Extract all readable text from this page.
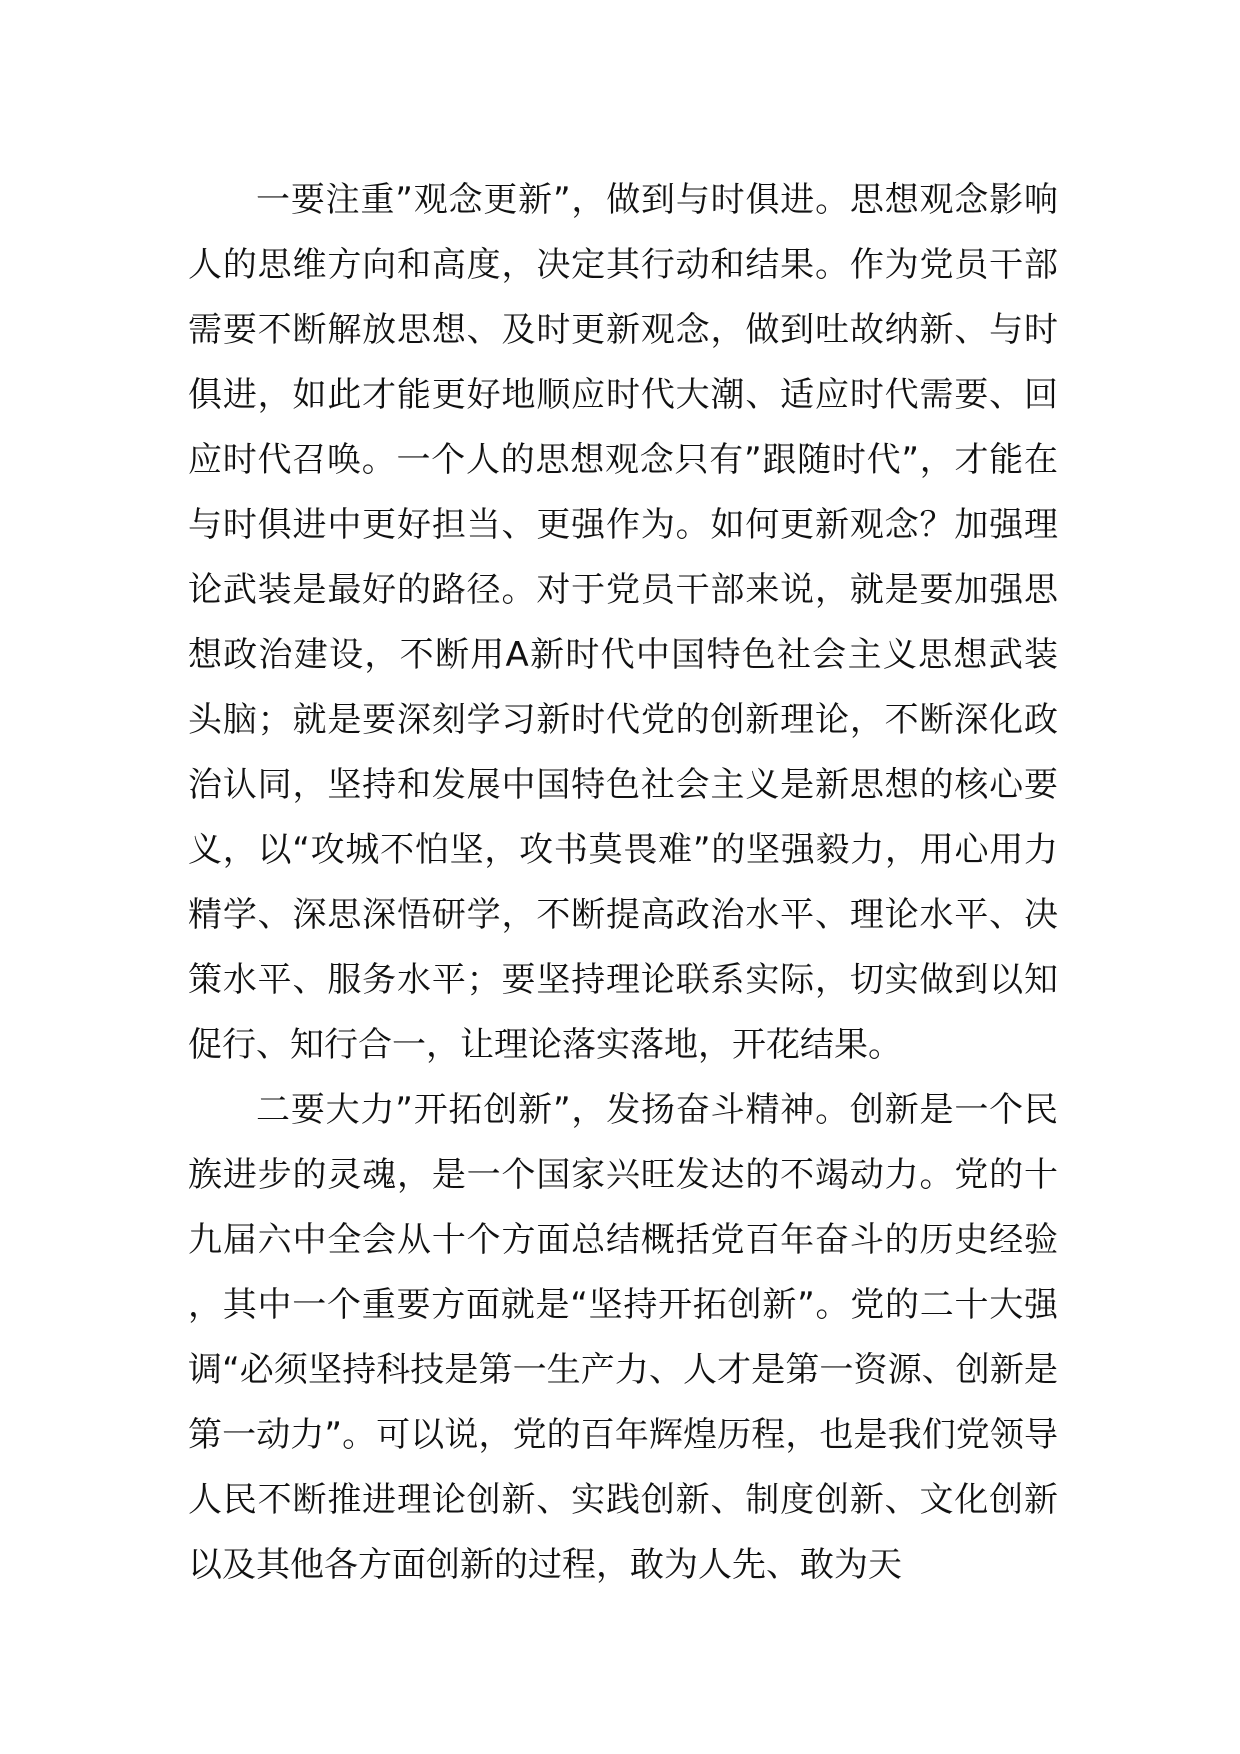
一要注重”观念更新”，做到与时俱进。思想观念影响人的思维方向和高度，决定其行动和结果。作为党员干部需要不断解放思想、及时更新观念，做到吐故纳新、与时俱进，如此才能更好地顺应时代大潮、适应时代需要、回应时代召唤。一个人的思想观念只有”跟随时代”，才能在与时俱进中更好担当、更强作为。如何更新观念？加强理论武装是最好的路径。对于党员干部来说，就是要加强思想政治建设，不断用A新时代中国特色社会主义思想武装头脑；就是要深刻学习新时代党的创新理论，不断深化政治认同，坚持和发展中国特色社会主义是新思想的核心要义，以“攻城不怕坚，攻书莫畏难”的坚强毅力，用心用力精学、深思深悟研学，不断提高政治水平、理论水平、决策水平、服务水平；要坚持理论联系实际，切实做到以知促行、知行合一，让理论落实落地，开花结果。

二要大力”开拓创新”，发扬奋斗精神。创新是一个民族进步的灵魂，是一个国家兴旺发达的不竭动力。党的十九届六中全会从十个方面总结概括党百年奋斗的历史经验，其中一个重要方面就是“坚持开拓创新”。党的二十大强调“必须坚持科技是第一生产力、人才是第一资源、创新是第一动力”。可以说，党的百年辉煌历程，也是我们党领导人民不断推进理论创新、实践创新、制度创新、文化创新以及其他各方面创新的过程，敢为人先、敢为天
